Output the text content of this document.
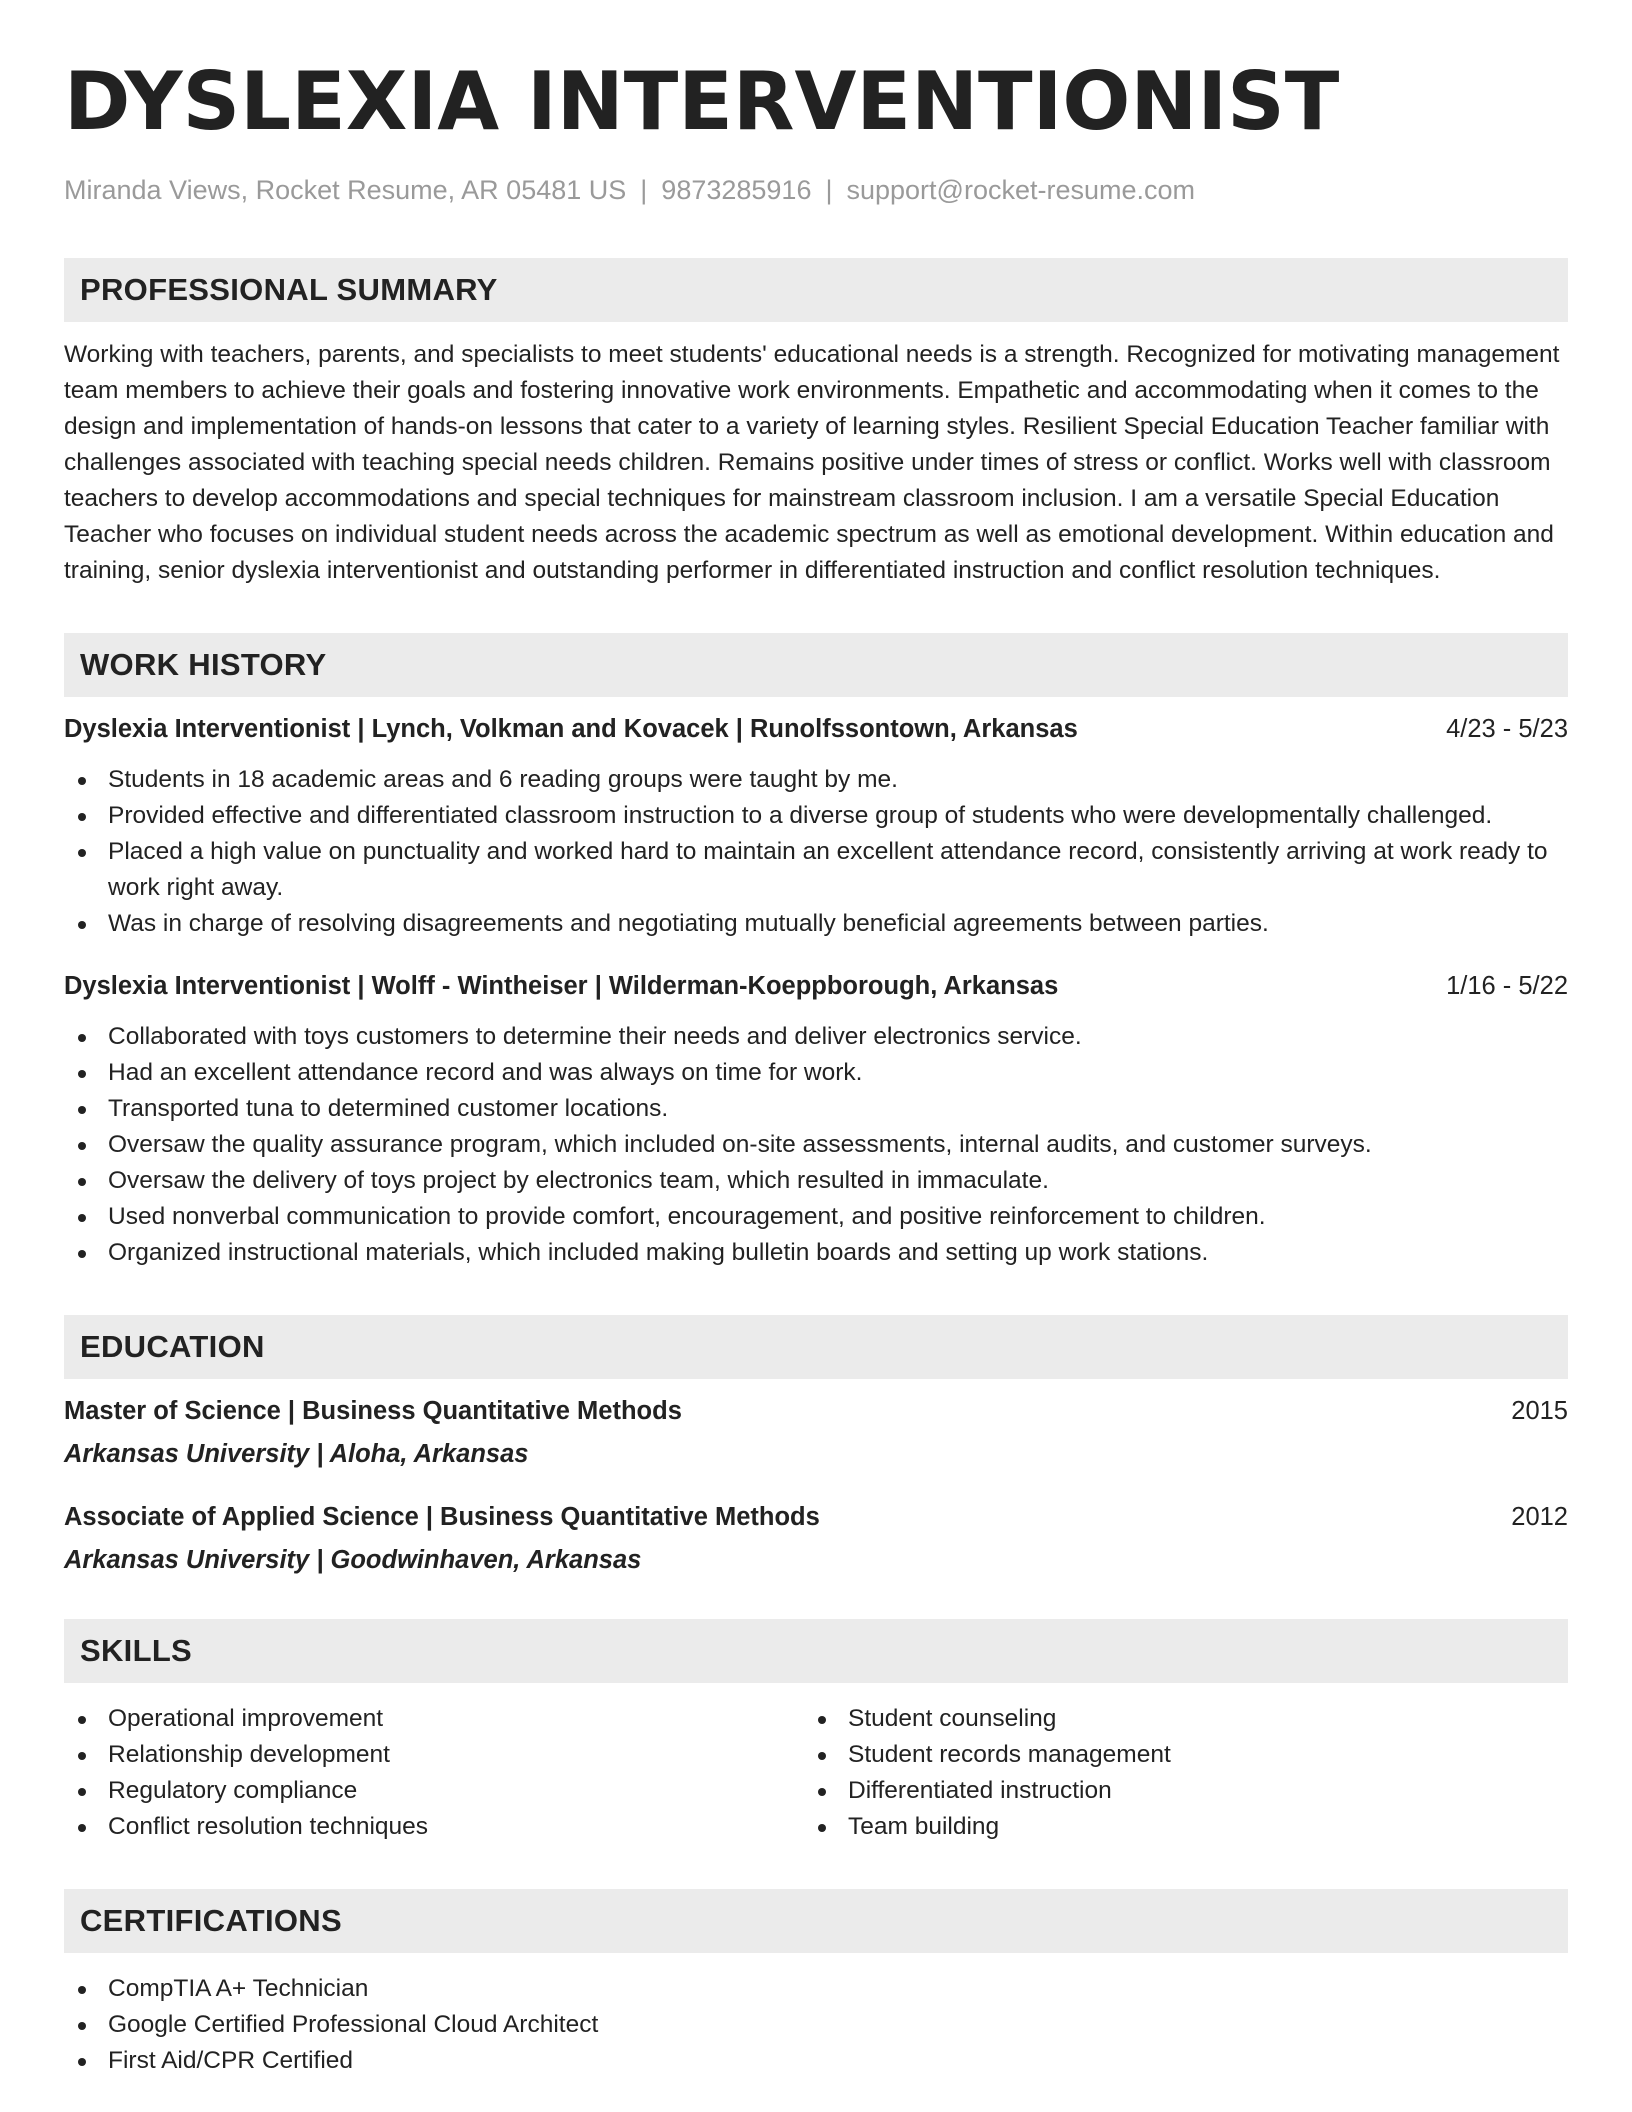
DYSLEXIA INTERVENTIONIST
Miranda Views, Rocket Resume, AR 05481 US | 9873285916 | support@rocket-resume.com
PROFESSIONAL SUMMARY
Working with teachers, parents, and specialists to meet students' educational needs is a strength. Recognized for motivating management team members to achieve their goals and fostering innovative work environments. Empathetic and accommodating when it comes to the design and implementation of hands-on lessons that cater to a variety of learning styles. Resilient Special Education Teacher familiar with challenges associated with teaching special needs children. Remains positive under times of stress or conflict. Works well with classroom teachers to develop accommodations and special techniques for mainstream classroom inclusion. I am a versatile Special Education Teacher who focuses on individual student needs across the academic spectrum as well as emotional development. Within education and training, senior dyslexia interventionist and outstanding performer in differentiated instruction and conflict resolution techniques.
WORK HISTORY
Dyslexia Interventionist | Lynch, Volkman and Kovacek | Runolfssontown, Arkansas	4/23 - 5/23
Students in 18 academic areas and 6 reading groups were taught by me.
Provided effective and differentiated classroom instruction to a diverse group of students who were developmentally challenged.
Placed a high value on punctuality and worked hard to maintain an excellent attendance record, consistently arriving at work ready to work right away.
Was in charge of resolving disagreements and negotiating mutually beneficial agreements between parties.
Dyslexia Interventionist | Wolff - Wintheiser | Wilderman-Koeppborough, Arkansas	1/16 - 5/22
Collaborated with toys customers to determine their needs and deliver electronics service.
Had an excellent attendance record and was always on time for work.
Transported tuna to determined customer locations.
Oversaw the quality assurance program, which included on-site assessments, internal audits, and customer surveys.
Oversaw the delivery of toys project by electronics team, which resulted in immaculate.
Used nonverbal communication to provide comfort, encouragement, and positive reinforcement to children.
Organized instructional materials, which included making bulletin boards and setting up work stations.
EDUCATION
Master of Science | Business Quantitative Methods	2015
Arkansas University | Aloha, Arkansas
Associate of Applied Science | Business Quantitative Methods	2012
Arkansas University | Goodwinhaven, Arkansas
SKILLS
Operational improvement
Relationship development
Regulatory compliance
Conflict resolution techniques
Student counseling
Student records management
Differentiated instruction
Team building
CERTIFICATIONS
CompTIA A+ Technician
Google Certified Professional Cloud Architect
First Aid/CPR Certified
